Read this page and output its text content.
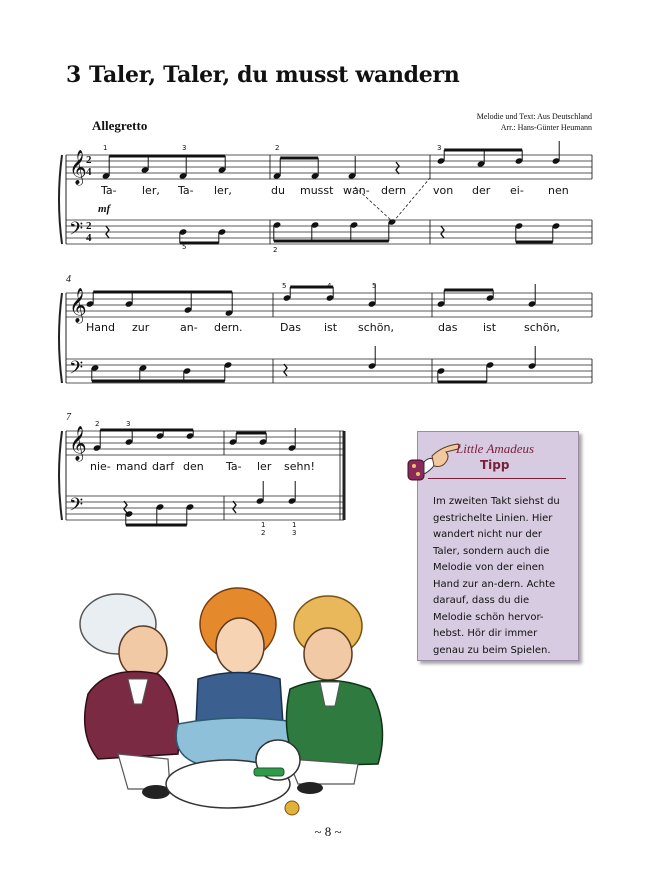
3 Taler, Taler, du musst wandern
Allegretto
Melodie und Text: Aus Deutschland
Arr.: Hans-Günter Heumann
𝄞
𝄢
𝄞
𝄢
𝄞
𝄢
2
4
2
4
mf
4
7
Ta- ler, Ta- ler,	du musst wan- dern von der ei- nen
Hand zur	an- dern.	Das ist schön,	das ist	schön,
nie- mand darf den Ta- ler sehn!
1	3	2	3
5	2
5	4	5
2	3
1
2
1
3
Little Amadeus
Tipp
Im zweiten Takt siehst du gestrichelte Linien. Hier wandert nicht nur der Taler, sondern auch die Melodie von der einen Hand zur an-dern. Achte darauf, dass du die Melodie schön hervor-hebst. Hör dir immer genau zu beim Spielen.
~ 8 ~
